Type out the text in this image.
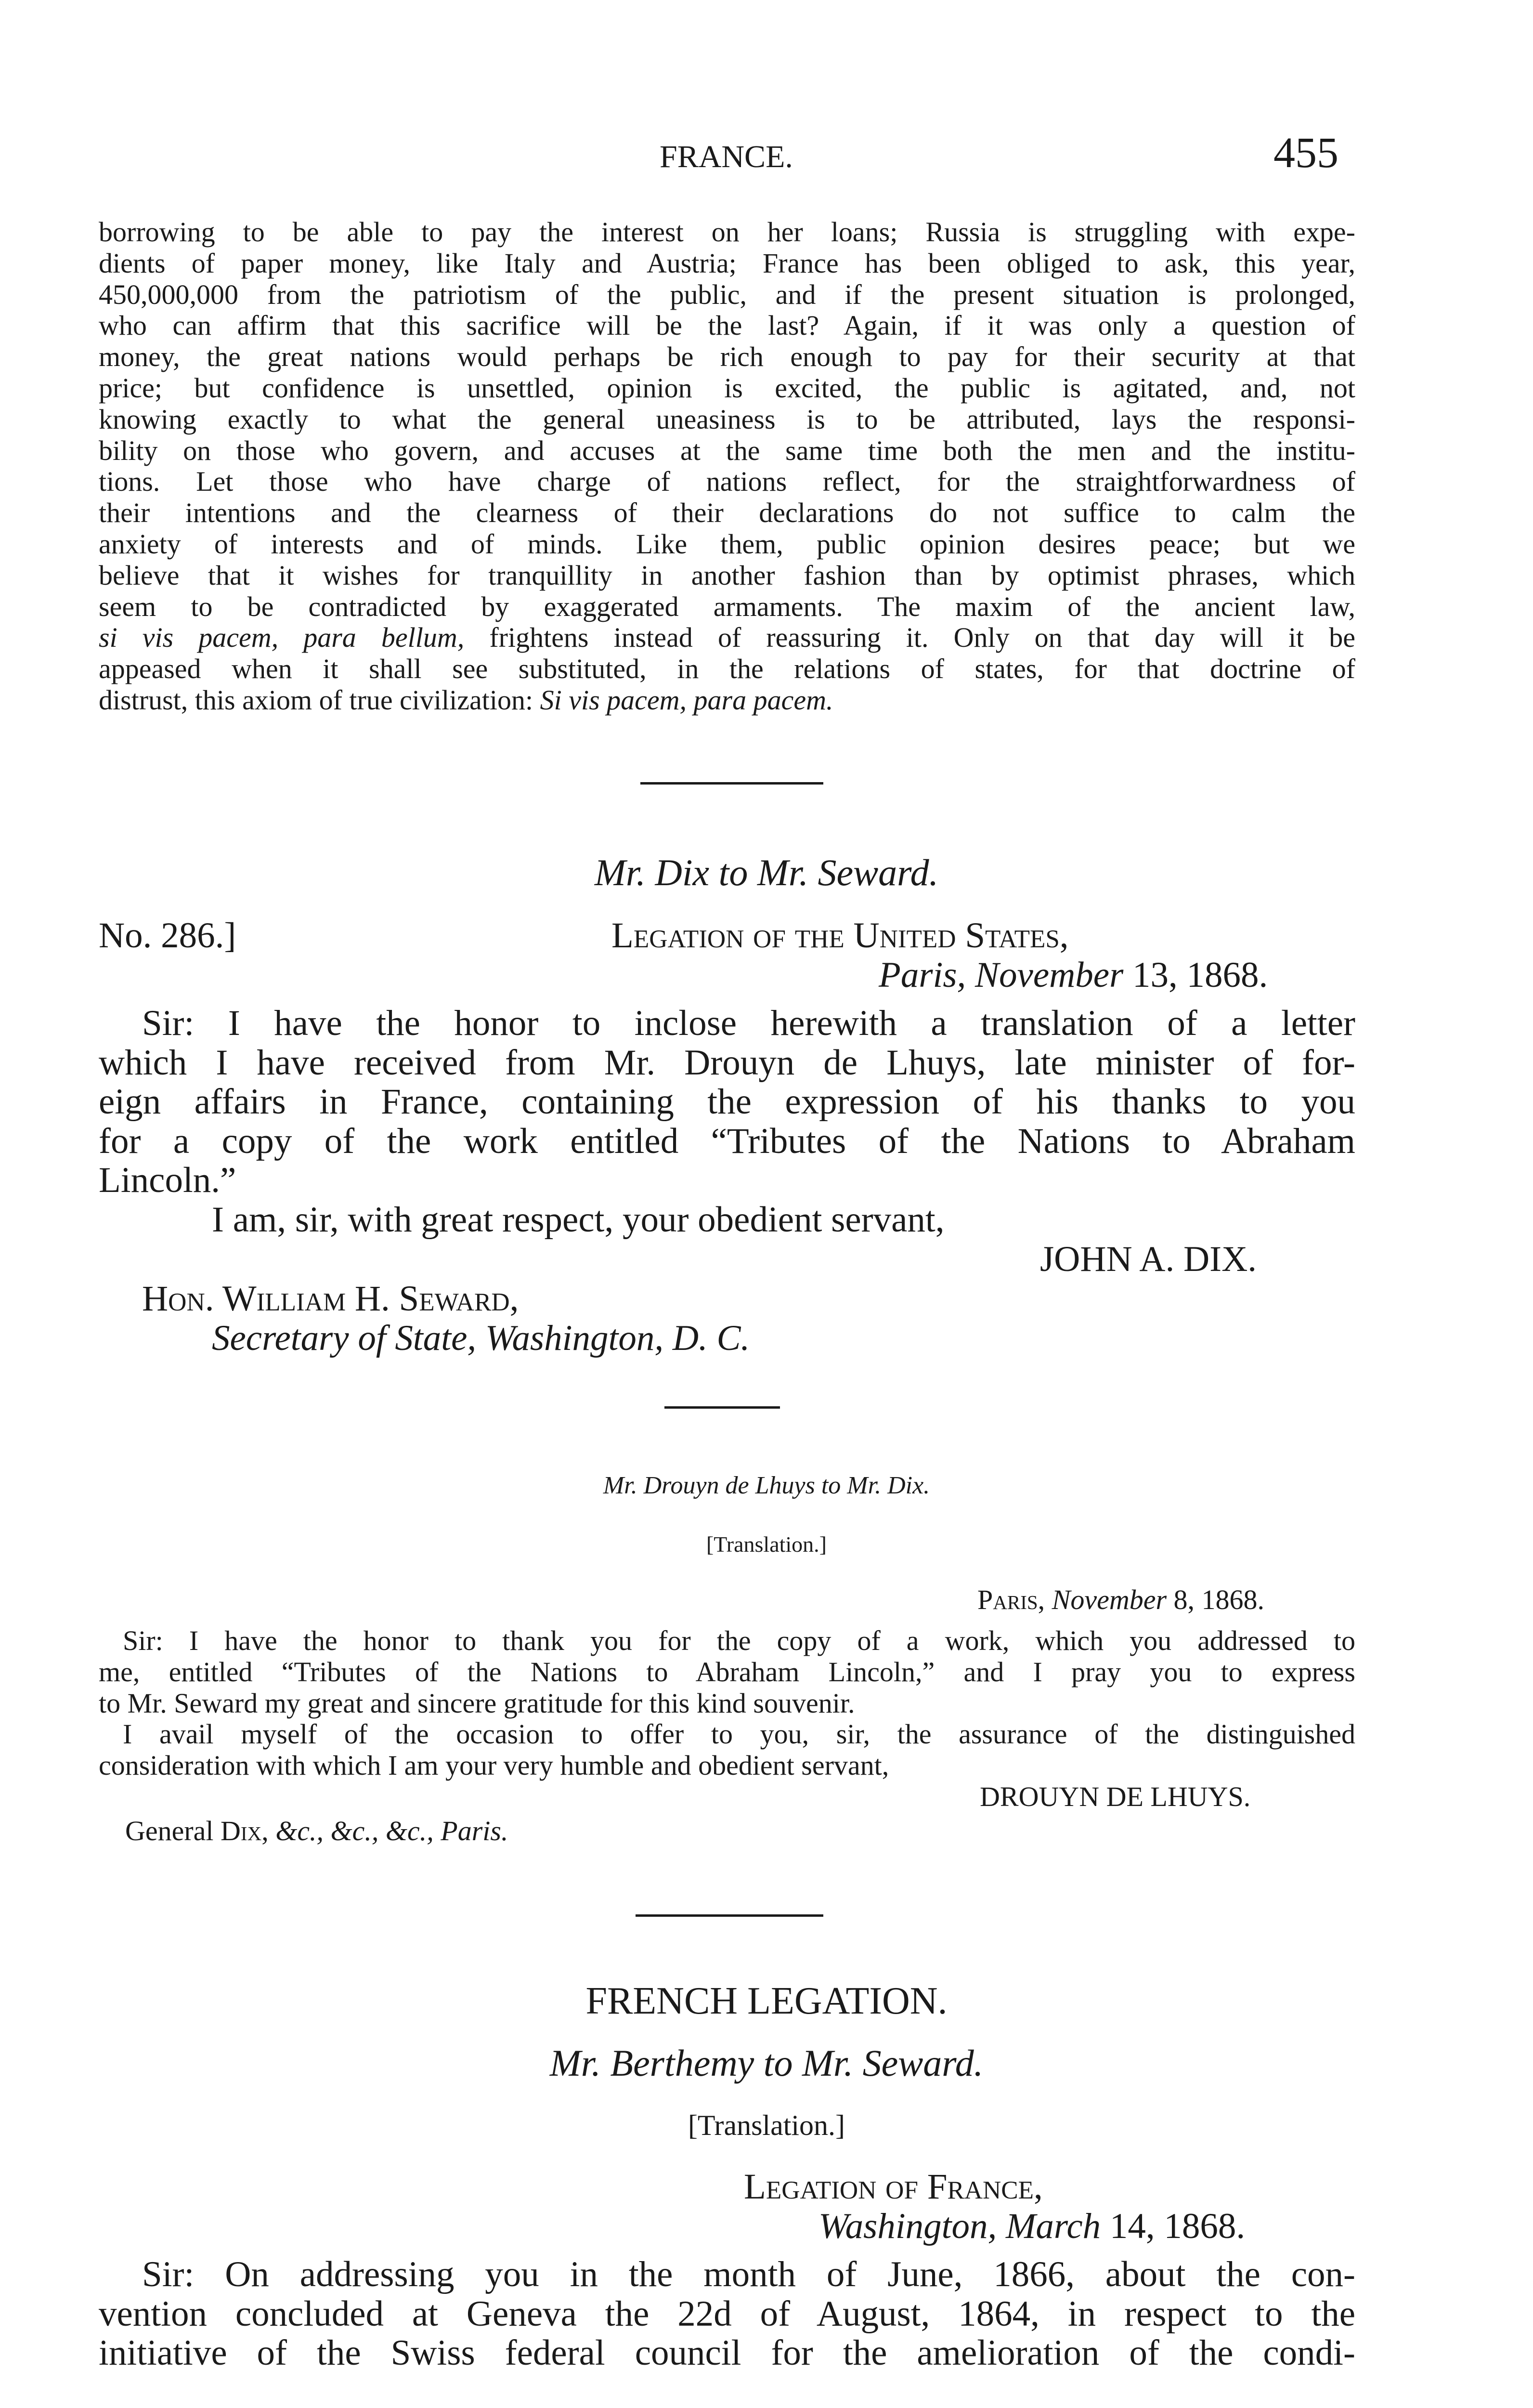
FRANCE.	455
borrowing to be able to pay the interest on her loans; Russia is struggling with expe-
dients of paper money, like Italy and Austria; France has been obliged to ask, this year,
450,000,000 from the patriotism of the public, and if the present situation is prolonged,
who can affirm that this sacrifice will be the last? Again, if it was only a question of
money, the great nations would perhaps be rich enough to pay for their security at that
price; but confidence is unsettled, opinion is excited, the public is agitated, and, not
knowing exactly to what the general uneasiness is to be attributed, lays the responsi-
bility on those who govern, and accuses at the same time both the men and the institu-
tions. Let those who have charge of nations reflect, for the straightforwardness of
their intentions and the clearness of their declarations do not suffice to calm the
anxiety of interests and of minds. Like them, public opinion desires peace; but we
believe that it wishes for tranquillity in another fashion than by optimist phrases, which
seem to be contradicted by exaggerated armaments. The maxim of the ancient law,
si vis pacem, para bellum, frightens instead of reassuring it. Only on that day will it be
appeased when it shall see substituted, in the relations of states, for that doctrine of
distrust, this axiom of true civilization: Si vis pacem, para pacem.
Mr. Dix to Mr. Seward.
No. 286.]	Legation of the United States,
Paris, November 13, 1868.
Sir: I have the honor to inclose herewith a translation of a letter
which I have received from Mr. Drouyn de Lhuys, late minister of for-
eign affairs in France, containing the expression of his thanks to you
for a copy of the work entitled “Tributes of the Nations to Abraham
Lincoln.”
I am, sir, with great respect, your obedient servant,
JOHN A. DIX.
Hon. William H. Seward,
Secretary of State, Washington, D. C.
Mr. Drouyn de Lhuys to Mr. Dix.
[Translation.]
Paris, November 8, 1868.
Sir: I have the honor to thank you for the copy of a work, which you addressed to
me, entitled “Tributes of the Nations to Abraham Lincoln,” and I pray you to express
to Mr. Seward my great and sincere gratitude for this kind souvenir.
I avail myself of the occasion to offer to you, sir, the assurance of the distinguished
consideration with which I am your very humble and obedient servant,
DROUYN DE LHUYS.
General Dix, &c., &c., &c., Paris.
FRENCH LEGATION.
Mr. Berthemy to Mr. Seward.
[Translation.]
Legation of France,
Washington, March 14, 1868.
Sir: On addressing you in the month of June, 1866, about the con-
vention concluded at Geneva the 22d of August, 1864, in respect to the
initiative of the Swiss federal council for the amelioration of the condi-
